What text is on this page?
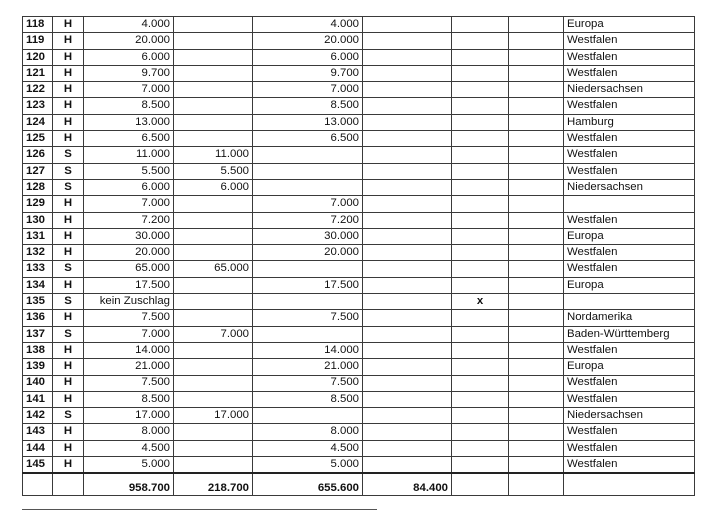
118	H	4.000		4.000				Europa
119	H	20.000		20.000				Westfalen
120	H	6.000		6.000				Westfalen
121	H	9.700		9.700				Westfalen
122	H	7.000		7.000				Niedersachsen
123	H	8.500		8.500				Westfalen
124	H	13.000		13.000				Hamburg
125	H	6.500		6.500				Westfalen
126	S	11.000	11.000					Westfalen
127	S	5.500	5.500					Westfalen
128	S	6.000	6.000					Niedersachsen
129	H	7.000		7.000				
130	H	7.200		7.200				Westfalen
131	H	30.000		30.000				Europa
132	H	20.000		20.000				Westfalen
133	S	65.000	65.000					Westfalen
134	H	17.500		17.500				Europa
135	S	kein Zuschlag				x		
136	H	7.500		7.500				Nordamerika
137	S	7.000	7.000					Baden-Württemberg
138	H	14.000		14.000				Westfalen
139	H	21.000		21.000				Europa
140	H	7.500		7.500				Westfalen
141	H	8.500		8.500				Westfalen
142	S	17.000	17.000					Niedersachsen
143	H	8.000		8.000				Westfalen
144	H	4.500		4.500				Westfalen
145	H	5.000		5.000				Westfalen
		958.700	218.700	655.600	84.400			
